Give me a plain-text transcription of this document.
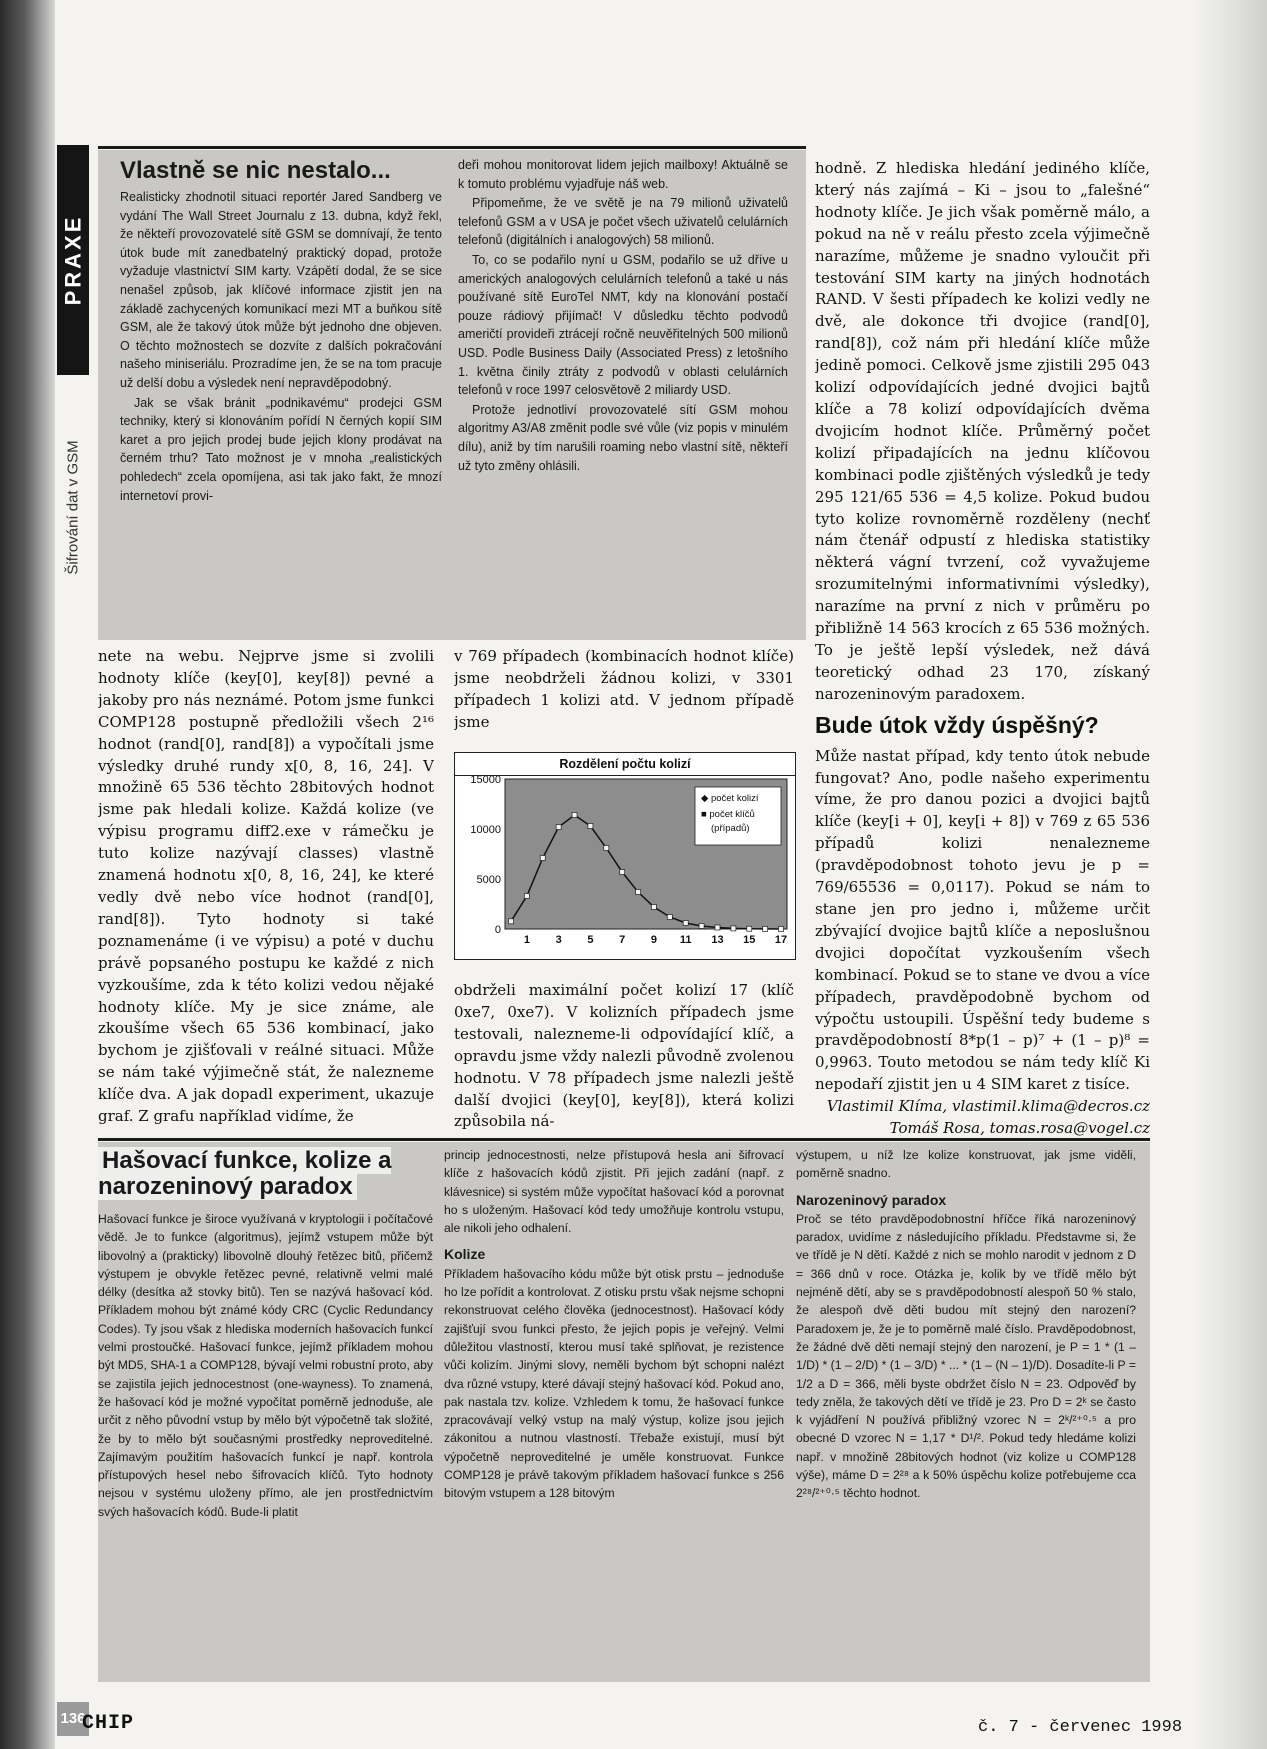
PRAXE
Šifrování dat v GSM
Vlastně se nic nestalo...

Realisticky zhodnotil situaci reportér Jared Sandberg ve vydání The Wall Street Journalu z 13. dubna, když řekl, že někteří provozovatelé sítě GSM se domnívají, že tento útok bude mít zanedbatelný praktický dopad, protože vyžaduje vlastnictví SIM karty. Vzápětí dodal, že se sice nenašel způsob, jak klíčové informace zjistit jen na základě zachycených komunikací mezi MT a buňkou sítě GSM, ale že takový útok může být jednoho dne objeven. O těchto možnostech se dozvíte z dalších pokračování našeho miniseriálu. Prozradíme jen, že se na tom pracuje už delší dobu a výsledek není nepravděpodobný.

Jak se však bránit „podnikavému“ prodejci GSM techniky, který si klonováním pořídí N černých kopií SIM karet a pro jejich prodej bude jejich klony prodávat na černém trhu? Tato možnost je v mnoha „realistických pohledech“ zcela opomíjena, asi tak jako fakt, že mnozí internetoví provi-

deři mohou monitorovat lidem jejich mailboxy! Aktuálně se k tomuto problému vyjadřuje náš web.

Připomeňme, že ve světě je na 79 milionů uživatelů telefonů GSM a v USA je počet všech uživatelů celulárních telefonů (digitálních i analogových) 58 milionů.

To, co se podařilo nyní u GSM, podařilo se už dříve u amerických analogových celulárních telefonů a také u nás používané sítě EuroTel NMT, kdy na klonování postačí pouze rádiový přijímač! V důsledku těchto podvodů američtí provideři ztrácejí ročně neuvěřitelných 500 milionů USD. Podle Business Daily (Associated Press) z letošního 1. května činily ztráty z podvodů v oblasti celulárních telefonů v roce 1997 celosvětově 2 miliardy USD.

Protože jednotliví provozovatelé sítí GSM mohou algoritmy A3/A8 změnit podle své vůle (viz popis v minulém dílu), aniž by tím narušili roaming nebo vlastní sítě, někteří už tyto změny ohlásili.

nete na webu. Nejprve jsme si zvolili hodnoty klíče (key[0], key[8]) pevné a jakoby pro nás neznámé. Potom jsme funkci COMP128 postupně předložili všech 2¹⁶ hodnot (rand[0], rand[8]) a vypočítali jsme výsledky druhé rundy x[0, 8, 16, 24]. V množině 65 536 těchto 28bitových hodnot jsme pak hledali kolize. Každá kolize (ve výpisu programu diff2.exe v rámečku je tuto kolize nazývají classes) vlastně znamená hodnotu x[0, 8, 16, 24], ke které vedly dvě nebo více hodnot (rand[0], rand[8]). Tyto hodnoty si také poznamenáme (i ve výpisu) a poté v duchu právě popsaného postupu ke každé z nich vyzkoušíme, zda k této kolizi vedou nějaké hodnoty klíče. My je sice známe, ale zkoušíme všech 65 536 kombinací, jako bychom je zjišťovali v reálné situaci. Může se nám také výjimečně stát, že nalezneme klíče dva. A jak dopadl experiment, ukazuje graf. Z grafu například vidíme, že

v 769 případech (kombinacích hodnot klíče) jsme neobdrželi žádnou kolizi, v 3301 případech 1 kolizi atd. V jednom případě jsme

Rozdělení počtu kolizí
0
5000
10000
15000
1 3 5 7 9 11 13 15 17
◆ počet kolizí
■ počet klíčů
(případů)

obdrželi maximální počet kolizí 17 (klíč 0xe7, 0xe7). V kolizních případech jsme testovali, nalezneme-li odpovídající klíč, a opravdu jsme vždy nalezli původně zvolenou hodnotu. V 78 případech jsme nalezli ještě další dvojici (key[0], key[8]), která kolizi způsobila ná-

hodně. Z hlediska hledání jediného klíče, který nás zajímá – Ki – jsou to „falešné“ hodnoty klíče. Je jich však poměrně málo, a pokud na ně v reálu přesto zcela výjimečně narazíme, můžeme je snadno vyloučit při testování SIM karty na jiných hodnotách RAND. V šesti případech ke kolizi vedly ne dvě, ale dokonce tři dvojice (rand[0], rand[8]), což nám při hledání klíče může jedině pomoci. Celkově jsme zjistili 295 043 kolizí odpovídajících jedné dvojici bajtů klíče a 78 kolizí odpovídajících dvěma dvojicím hodnot klíče. Průměrný počet kolizí připadajících na jednu klíčovou kombinaci podle zjištěných výsledků je tedy 295 121/65 536 = 4,5 kolize. Pokud budou tyto kolize rovnoměrně rozděleny (nechť nám čtenář odpustí z hlediska statistiky některá vágní tvrzení, což vyvažujeme srozumitelnými informativními výsledky), narazíme na první z nich v průměru po přibližně 14 563 krocích z 65 536 možných. To je ještě lepší výsledek, než dává teoretický odhad 23 170, získaný narozeninovým paradoxem.

Bude útok vždy úspěšný?

Může nastat případ, kdy tento útok nebude fungovat? Ano, podle našeho experimentu víme, že pro danou pozici a dvojici bajtů klíče (key[i + 0], key[i + 8]) v 769 z 65 536 případů kolizi nenalezneme (pravděpodobnost tohoto jevu je p = 769/65536 = 0,0117). Pokud se nám to stane jen pro jedno i, můžeme určit zbývající dvojice bajtů klíče a neposlušnou dvojici dopočítat vyzkoušením všech kombinací. Pokud se to stane ve dvou a více případech, pravděpodobně bychom od výpočtu ustoupili. Úspěšní tedy budeme s pravděpodobností 8*p(1 – p)⁷ + (1 – p)⁸ = 0,9963. Touto metodou se nám tedy klíč Ki nepodaří zjistit jen u 4 SIM karet z tisíce.

Vlastimil Klíma, vlastimil.klima@decros.cz

Tomáš Rosa, tomas.rosa@vogel.cz

Hašovací funkce, kolize a narozeninový paradox

Hašovací funkce je široce využívaná v kryptologii i počítačové vědě. Je to funkce (algoritmus), jejímž vstupem může být libovolný a (prakticky) libovolně dlouhý řetězec bitů, přičemž výstupem je obvykle řetězec pevné, relativně velmi malé délky (desítka až stovky bitů). Ten se nazývá hašovací kód. Příkladem mohou být známé kódy CRC (Cyclic Redundancy Codes). Ty jsou však z hlediska moderních hašovacích funkcí velmi prostoučké. Hašovací funkce, jejímž příkladem mohou být MD5, SHA-1 a COMP128, bývají velmi robustní proto, aby se zajistila jejich jednocestnost (one-wayness). To znamená, že hašovací kód je možné vypočítat poměrně jednoduše, ale určit z něho původní vstup by mělo být výpočetně tak složité, že by to mělo být současnými prostředky neproveditelné. Zajímavým použitím hašovacích funkcí je např. kontrola přístupových hesel nebo šifrovacích klíčů. Tyto hodnoty nejsou v systému uloženy přímo, ale jen prostřednictvím svých hašovacích kódů. Bude-li platit

princip jednocestnosti, nelze přístupová hesla ani šifrovací klíče z hašovacích kódů zjistit. Při jejich zadání (např. z klávesnice) si systém může vypočítat hašovací kód a porovnat ho s uloženým. Hašovací kód tedy umožňuje kontrolu vstupu, ale nikoli jeho odhalení.

Kolize

Příkladem hašovacího kódu může být otisk prstu – jednoduše ho lze pořídit a kontrolovat. Z otisku prstu však nejsme schopni rekonstruovat celého člověka (jednocestnost). Hašovací kódy zajišťují svou funkci přesto, že jejich popis je veřejný. Velmi důležitou vlastností, kterou musí také splňovat, je rezistence vůči kolizím. Jinými slovy, neměli bychom být schopni nalézt dva různé vstupy, které dávají stejný hašovací kód. Pokud ano, pak nastala tzv. kolize. Vzhledem k tomu, že hašovací funkce zpracovávají velký vstup na malý výstup, kolize jsou jejich zákonitou a nutnou vlastností. Třebaže existují, musí být výpočetně neproveditelné je uměle konstruovat. Funkce COMP128 je právě takovým příkladem hašovací funkce s 256 bitovým vstupem a 128 bitovým

výstupem, u níž lze kolize konstruovat, jak jsme viděli, poměrně snadno.

Narozeninový paradox

Proč se této pravděpodobnostní hříčce říká narozeninový paradox, uvidíme z následujícího příkladu. Představme si, že ve třídě je N dětí. Každé z nich se mohlo narodit v jednom z D = 366 dnů v roce. Otázka je, kolik by ve třídě mělo být nejméně dětí, aby se s pravděpodobností alespoň 50 % stalo, že alespoň dvě děti budou mít stejný den narození? Paradoxem je, že je to poměrně malé číslo. Pravděpodobnost, že žádné dvě děti nemají stejný den narození, je P = 1 * (1 – 1/D) * (1 – 2/D) * (1 – 3/D) * ... * (1 – (N – 1)/D). Dosadíte-li P = 1/2 a D = 366, měli byste obdržet číslo N = 23. Odpověď by tedy zněla, že takových dětí ve třídě je 23. Pro D = 2ᵏ se často k vyjádření N používá přibližný vzorec N = 2ᵏ/²⁺⁰·⁵ a pro obecné D vzorec N = 1,17 * D¹/². Pokud tedy hledáme kolizi např. v množině 28bitových hodnot (viz kolize u COMP128 výše), máme D = 2²⁸ a k 50% úspěchu kolize potřebujeme cca 2²⁸/²⁺⁰·⁵ těchto hodnot.

136
CHIP	č. 7 - červenec 1998
